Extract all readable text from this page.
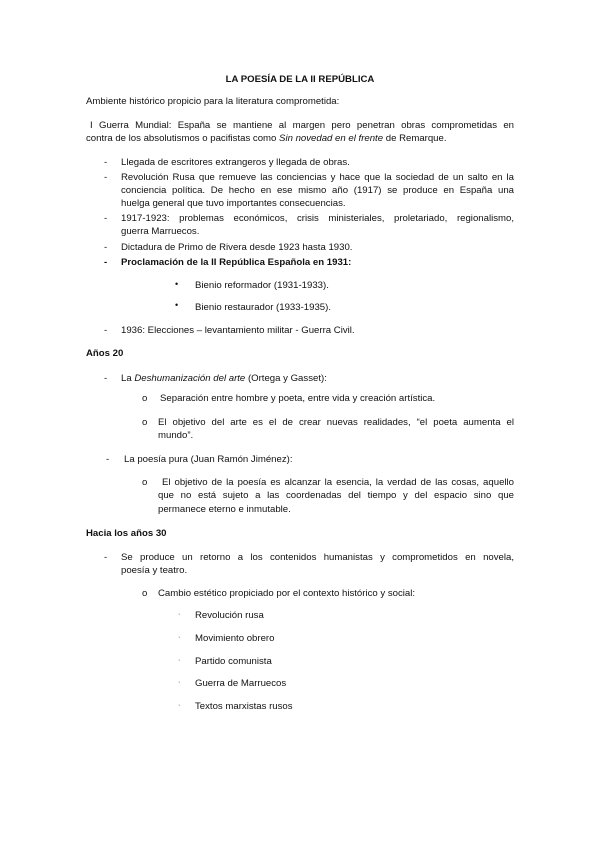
LA POESÍA DE LA II REPÚBLICA
Ambiente histórico propicio para la literatura comprometida:
I Guerra Mundial: España se mantiene al margen pero penetran obras comprometidas en
contra de los absolutismos o pacifistas como Sin novedad en el frente de Remarque.
- Llegada de escritores extrangeros y llegada de obras.
- Revolución Rusa que remueve las conciencias y hace que la sociedad de un salto en la
conciencia política. De hecho en ese mismo año (1917) se produce en España una
huelga general que tuvo importantes consecuencias.
- 1917-1923: problemas económicos, crisis ministeriales, proletariado, regionalismo,
guerra Marruecos.
- Dictadura de Primo de Rivera desde 1923 hasta 1930.
- Proclamación de la II República Española en 1931:
• Bienio reformador (1931-1933).
• Bienio restaurador (1933-1935).
- 1936: Elecciones – levantamiento militar - Guerra Civil.
Años 20
- La Deshumanización del arte (Ortega y Gasset):
o Separación entre hombre y poeta, entre vida y creación artística.
o El objetivo del arte es el de crear nuevas realidades, “el poeta aumenta el
mundo”.
- La poesía pura (Juan Ramón Jiménez):
o El objetivo de la poesía es alcanzar la esencia, la verdad de las cosas, aquello
que no está sujeto a las coordenadas del tiempo y del espacio sino que
permanece eterno e inmutable.
Hacia los años 30
- Se produce un retorno a los contenidos humanistas y comprometidos en novela,
poesía y teatro.
o Cambio estético propiciado por el contexto histórico y social:
· Revolución rusa
· Movimiento obrero
· Partido comunista
· Guerra de Marruecos
· Textos marxistas rusos
